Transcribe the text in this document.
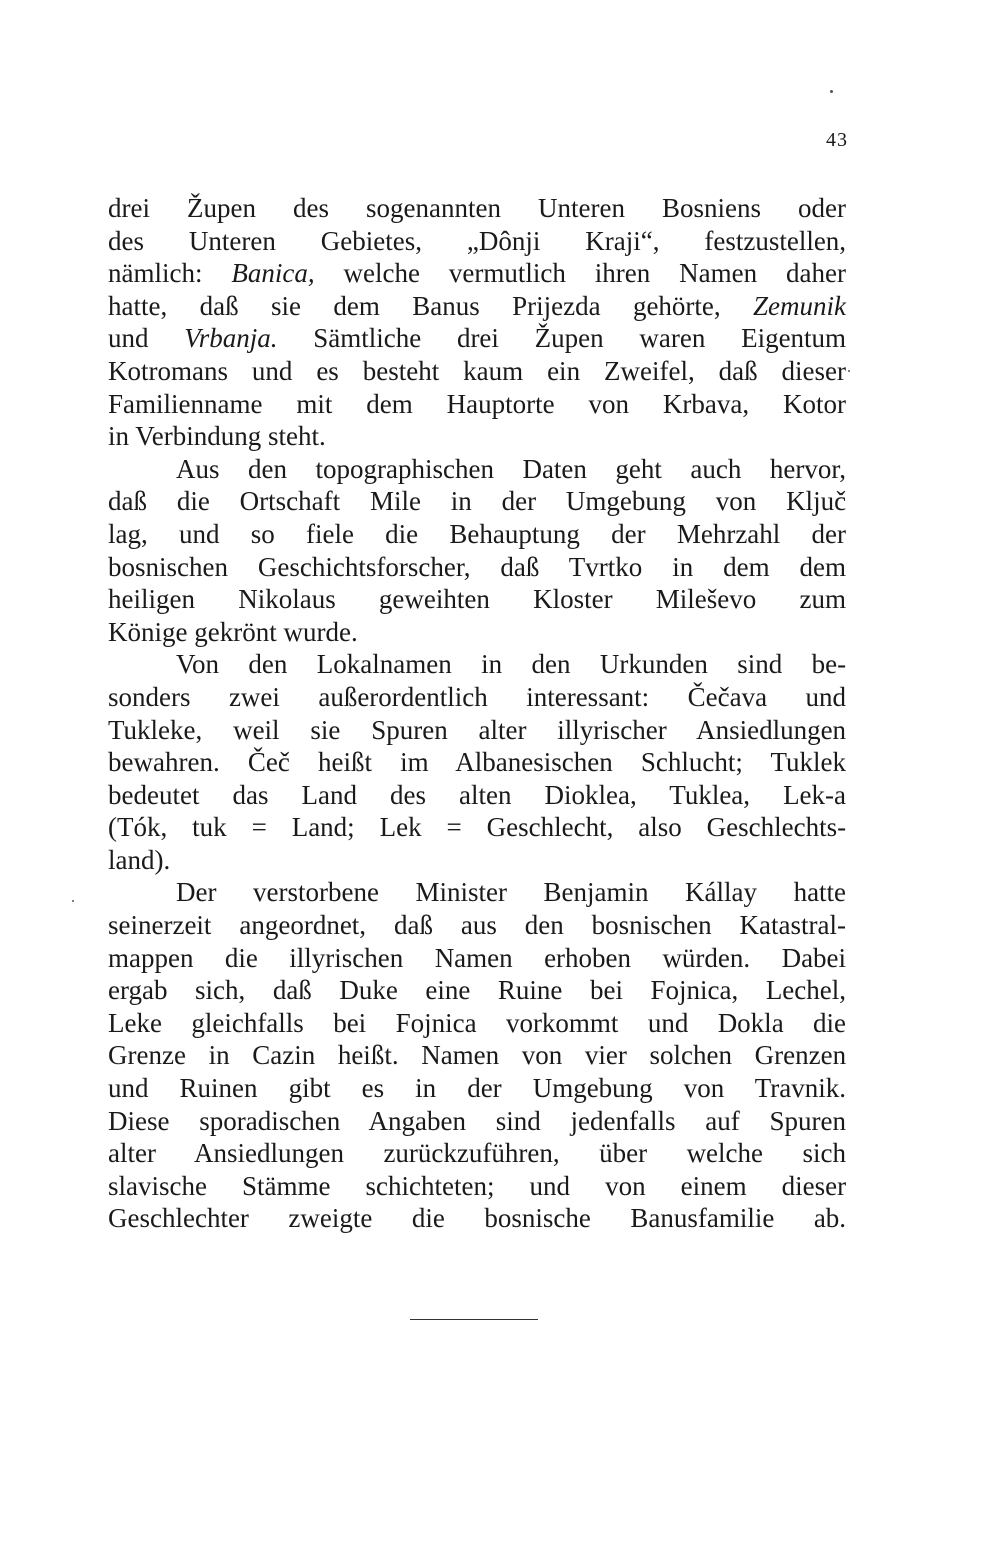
43
drei Župen des sogenannten Unteren Bosniens oder
des Unteren Gebietes, „Dônji Kraji“, festzustellen,
nämlich: Banica, welche vermutlich ihren Namen daher
hatte, daß sie dem Banus Prijezda gehörte, Zemunik
und Vrbanja. Sämtliche drei Župen waren Eigentum
Kotromans und es besteht kaum ein Zweifel, daß dieser
Familienname mit dem Hauptorte von Krbava, Kotor
in Verbindung steht.
Aus den topographischen Daten geht auch hervor,
daß die Ortschaft Mile in der Umgebung von Ključ
lag, und so fiele die Behauptung der Mehrzahl der
bosnischen Geschichtsforscher, daß Tvrtko in dem dem
heiligen Nikolaus geweihten Kloster Mileševo zum
Könige gekrönt wurde.
Von den Lokalnamen in den Urkunden sind be-
sonders zwei außerordentlich interessant: Čečava und
Tukleke, weil sie Spuren alter illyrischer Ansiedlungen
bewahren. Čeč heißt im Albanesischen Schlucht; Tuklek
bedeutet das Land des alten Dioklea, Tuklea, Lek-a
(Tók, tuk = Land; Lek = Geschlecht, also Geschlechts-
land).
Der verstorbene Minister Benjamin Kállay hatte
seinerzeit angeordnet, daß aus den bosnischen Katastral-
mappen die illyrischen Namen erhoben würden. Dabei
ergab sich, daß Duke eine Ruine bei Fojnica, Lechel,
Leke gleichfalls bei Fojnica vorkommt und Dokla die
Grenze in Cazin heißt. Namen von vier solchen Grenzen
und Ruinen gibt es in der Umgebung von Travnik.
Diese sporadischen Angaben sind jedenfalls auf Spuren
alter Ansiedlungen zurückzuführen, über welche sich
slavische Stämme schichteten; und von einem dieser
Geschlechter zweigte die bosnische Banusfamilie ab.
